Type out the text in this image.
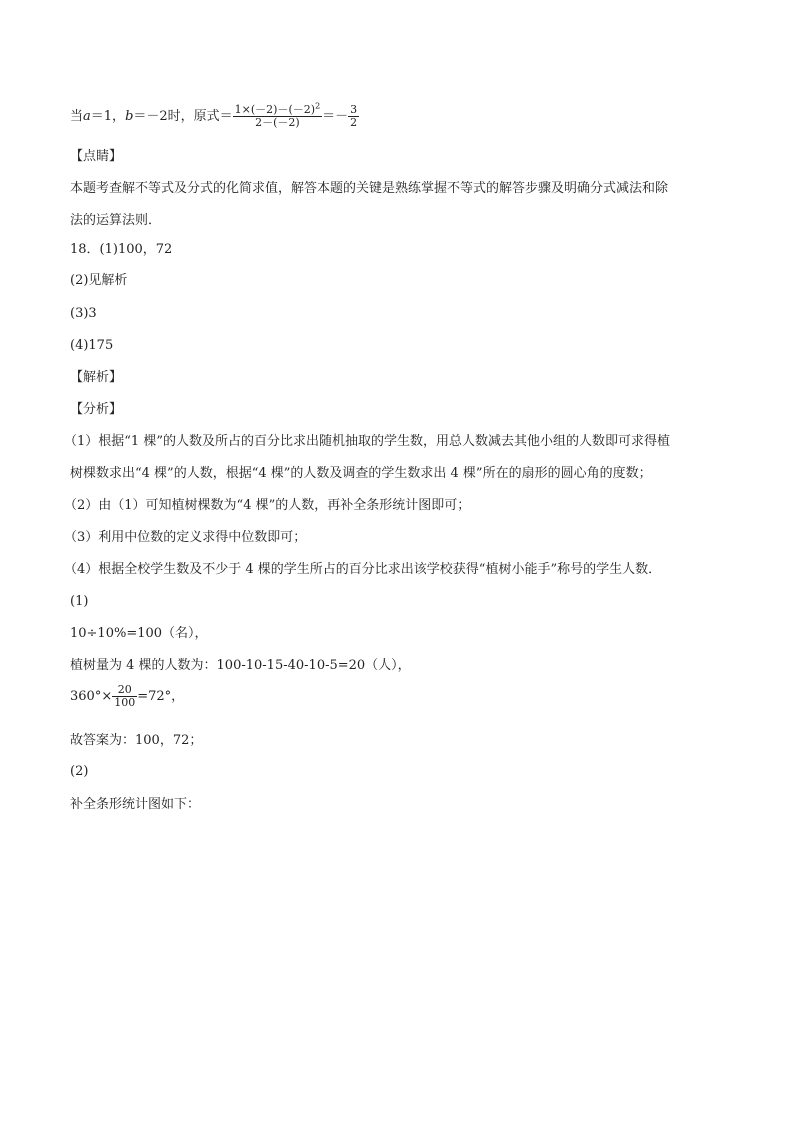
当a＝1，b＝－2时，原式＝ $\frac{1\times(-2)-(-2)^2}{2-(-2)} =- \frac{3}{2}$
【点睛】
本题考查解不等式及分式的化简求值，解答本题的关键是熟练掌握不等式的解答步骤及明确分式减法和除
法的运算法则．
18．(1)100，72
(2)见解析
(3)3
(4)175
【解析】
【分析】
（1）根据“1 棵”的人数及所占的百分比求出随机抽取的学生数，用总人数减去其他小组的人数即可求得植
树棵数求出“4 棵”的人数，根据“4 棵”的人数及调查的学生数求出 4 棵”所在的扇形的圆心角的度数；
（2）由（1）可知植树棵数为“4 棵”的人数，再补全条形统计图即可；
（3）利用中位数的定义求得中位数即可；
（4）根据全校学生数及不少于 4 棵的学生所占的百分比求出该学校获得“植树小能手”称号的学生人数．
(1)
10÷10%=100（名），
植树量为 4 棵的人数为：100-10-15-40-10-5=20（人），
$360^\circ\times \frac{20}{100} =72^\circ$，
故答案为：100，72；
(2)
补全条形统计图如下：
